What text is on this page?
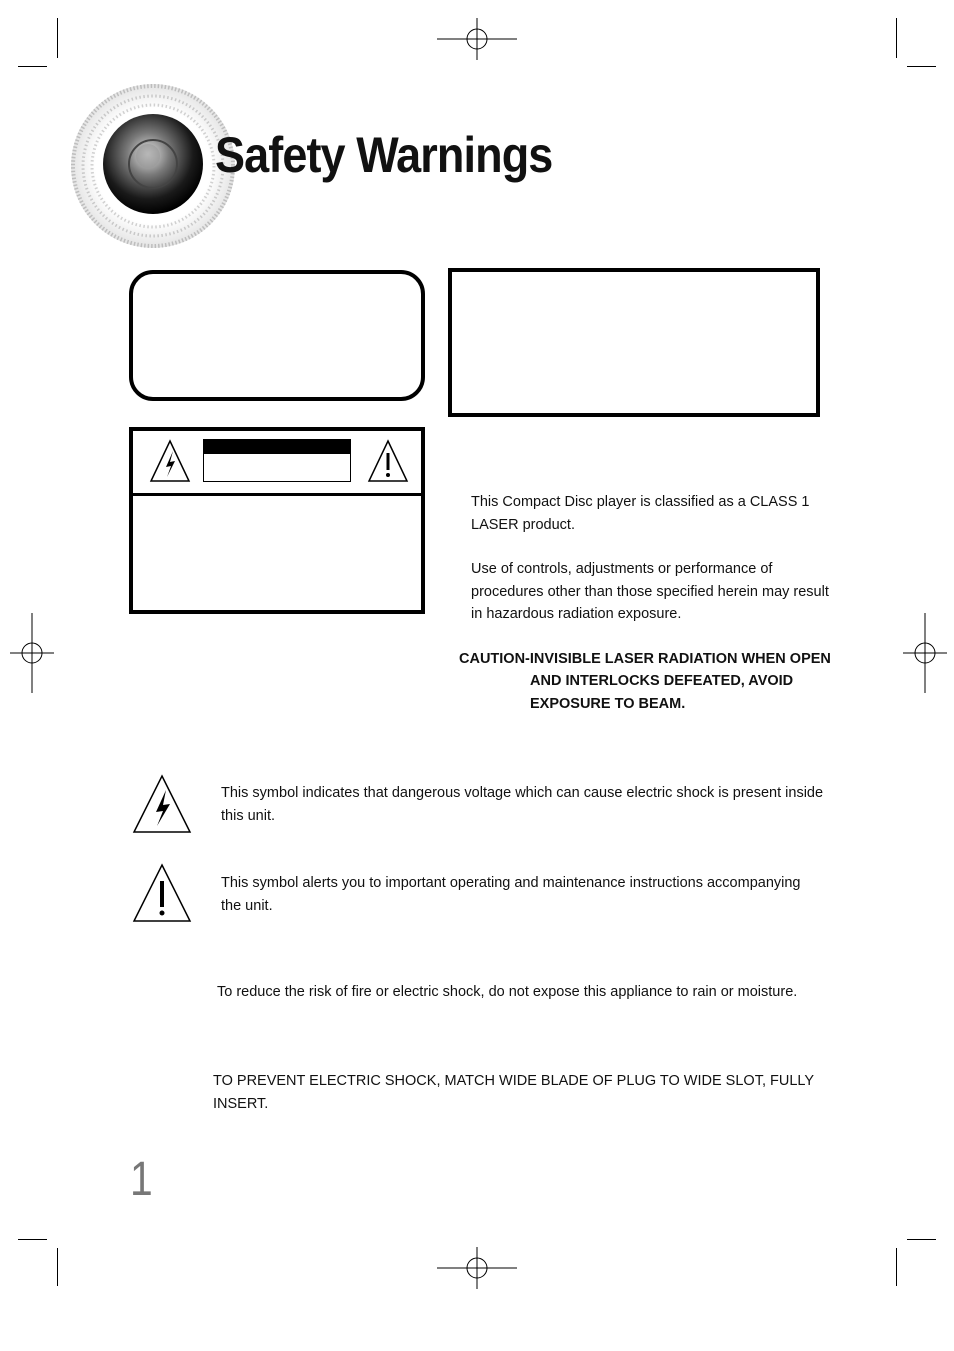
Safety Warnings
This Compact Disc player is classified as a CLASS 1 LASER product.
Use of controls, adjustments or performance of procedures other than those specified herein may result in hazardous radiation exposure.
CAUTION-INVISIBLE LASER RADIATION WHEN OPEN
AND INTERLOCKS DEFEATED, AVOID
EXPOSURE TO BEAM.
This symbol indicates that dangerous voltage which can cause electric shock is present inside this unit.
This symbol alerts you to important operating and maintenance instructions accompanying the unit.
To reduce the risk of fire or electric shock, do not expose this appliance to rain or moisture.
TO PREVENT ELECTRIC SHOCK, MATCH WIDE BLADE OF PLUG TO WIDE SLOT, FULLY INSERT.
1
